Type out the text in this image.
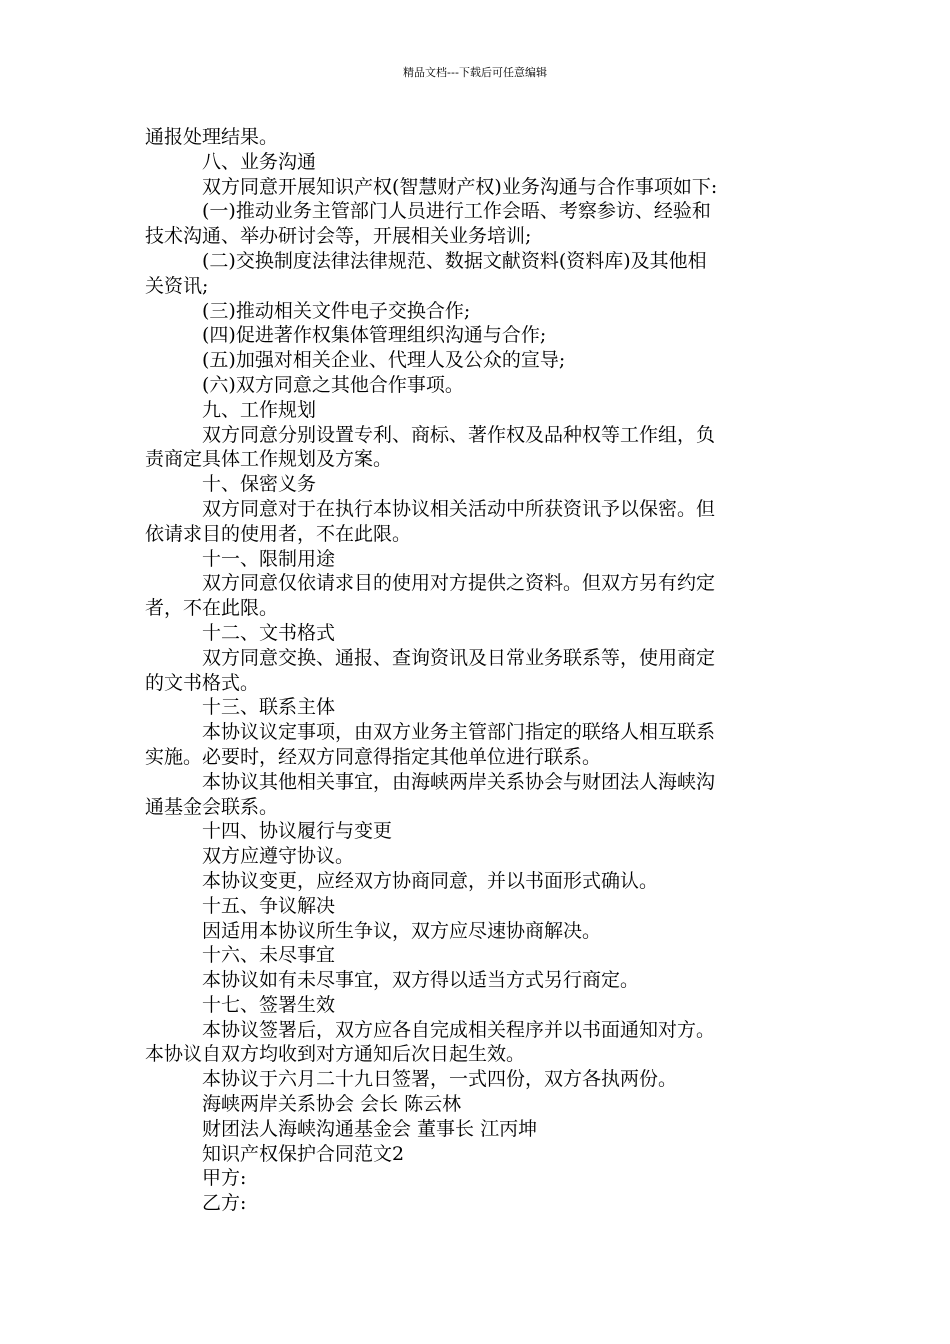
精品文档---下载后可任意编辑
通报处理结果。
八、业务沟通
双方同意开展知识产权(智慧财产权)业务沟通与合作事项如下:
(一)推动业务主管部门人员进行工作会晤、考察参访、经验和
技术沟通、举办研讨会等，开展相关业务培训;
(二)交换制度法律法律规范、数据文献资料(资料库)及其他相
关资讯;
(三)推动相关文件电子交换合作;
(四)促进著作权集体管理组织沟通与合作;
(五)加强对相关企业、代理人及公众的宣导;
(六)双方同意之其他合作事项。
九、工作规划
双方同意分别设置专利、商标、著作权及品种权等工作组，负
责商定具体工作规划及方案。
十、保密义务
双方同意对于在执行本协议相关活动中所获资讯予以保密。但
依请求目的使用者，不在此限。
十一、限制用途
双方同意仅依请求目的使用对方提供之资料。但双方另有约定
者，不在此限。
十二、文书格式
双方同意交换、通报、查询资讯及日常业务联系等，使用商定
的文书格式。
十三、联系主体
本协议议定事项，由双方业务主管部门指定的联络人相互联系
实施。必要时，经双方同意得指定其他单位进行联系。
本协议其他相关事宜，由海峡两岸关系协会与财团法人海峡沟
通基金会联系。
十四、协议履行与变更
双方应遵守协议。
本协议变更，应经双方协商同意，并以书面形式确认。
十五、争议解决
因适用本协议所生争议，双方应尽速协商解决。
十六、未尽事宜
本协议如有未尽事宜，双方得以适当方式另行商定。
十七、签署生效
本协议签署后，双方应各自完成相关程序并以书面通知对方。
本协议自双方均收到对方通知后次日起生效。
本协议于六月二十九日签署，一式四份，双方各执两份。
海峡两岸关系协会 会长 陈云林
财团法人海峡沟通基金会 董事长 江丙坤
知识产权保护合同范文2
甲方:
乙方:
